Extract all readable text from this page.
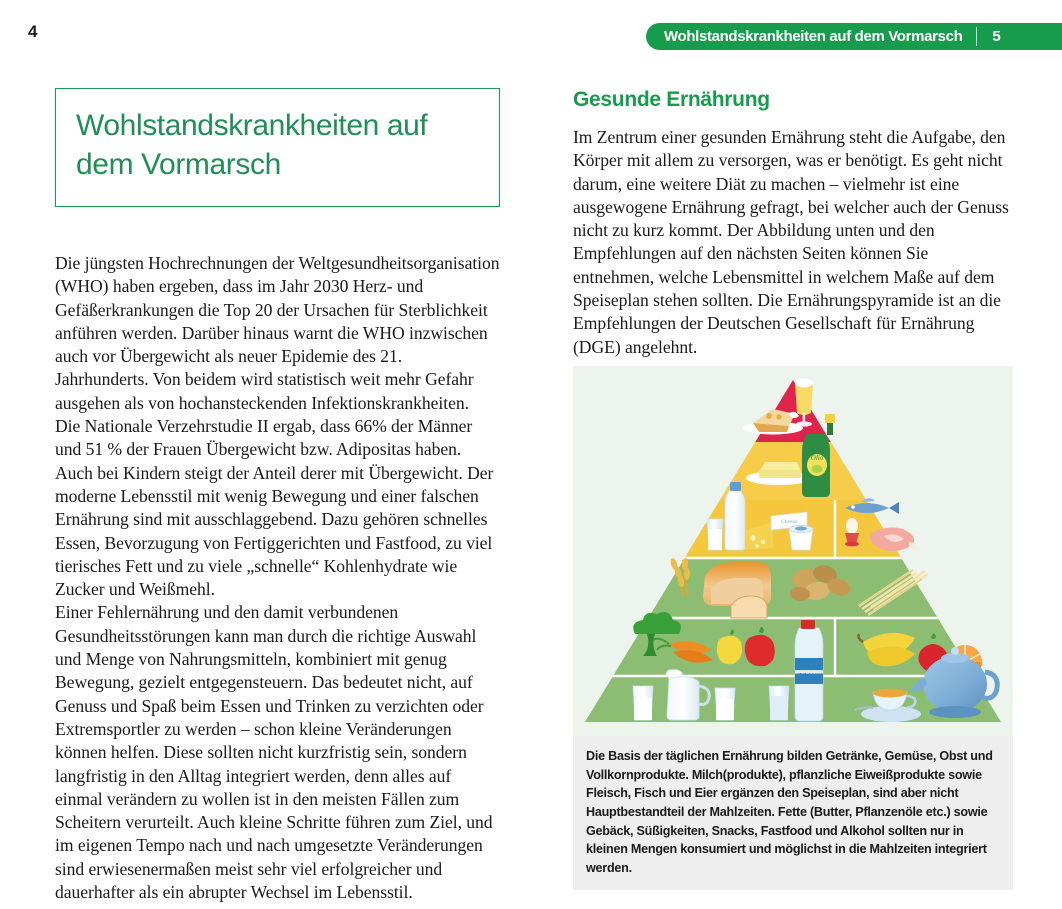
4	Wohlstandskrankheiten auf dem Vormarsch 5
Wohlstandskrankheiten auf dem Vormarsch

Die jüngsten Hochrechnungen der Weltgesundheitsorganisation (WHO) haben ergeben, dass im Jahr 2030 Herz- und Gefäßerkrankungen die Top 20 der Ursachen für Sterblichkeit anführen werden. Darüber hinaus warnt die WHO inzwischen auch vor Übergewicht als neuer Epidemie des 21. Jahrhunderts. Von beidem wird statistisch weit mehr Gefahr ausgehen als von hochansteckenden Infektionskrankheiten.
Die Nationale Verzehrstudie II ergab, dass 66% der Männer und 51 % der Frauen Übergewicht bzw. Adipositas haben. Auch bei Kindern steigt der Anteil derer mit Übergewicht. Der moderne Lebensstil mit wenig Bewegung und einer falschen Ernährung sind mit ausschlaggebend. Dazu gehören schnelles Essen, Bevorzugung von Fertiggerichten und Fastfood, zu viel tierisches Fett und zu viele „schnelle“ Kohlenhydrate wie Zucker und Weißmehl.
Einer Fehlernährung und den damit verbundenen Gesundheitsstörungen kann man durch die richtige Auswahl und Menge von Nahrungsmitteln, kombiniert mit genug Bewegung, gezielt entgegensteuern. Das bedeutet nicht, auf Genuss und Spaß beim Essen und Trinken zu verzichten oder Extremsportler zu werden – schon kleine Veränderungen können helfen. Diese sollten nicht kurzfristig sein, sondern langfristig in den Alltag integriert werden, denn alles auf einmal verändern zu wollen ist in den meisten Fällen zum Scheitern verurteilt. Auch kleine Schritte führen zum Ziel, und im eigenen Tempo nach und nach umgesetzte Veränderungen sind erwiesenermaßen meist sehr viel erfolgreicher und dauerhafter als ein abrupter Wechsel im Lebensstil.

Gesunde Ernährung

Im Zentrum einer gesunden Ernährung steht die Aufgabe, den Körper mit allem zu versorgen, was er benötigt. Es geht nicht darum, eine weitere Diät zu machen – vielmehr ist eine ausgewogene Ernährung gefragt, bei welcher auch der Genuss nicht zu kurz kommt. Der Abbildung unten und den Empfehlungen auf den nächsten Seiten können Sie entnehmen, welche Lebensmittel in welchem Maße auf dem Speiseplan stehen sollten. Die Ernährungspyramide ist an die Empfehlungen der Deutschen Gesellschaft für Ernährung (DGE) angelehnt.

Olio
Cheese
Mineralwasser
Die Basis der täglichen Ernährung bilden Getränke, Gemüse, Obst und Vollkornprodukte. Milch(produkte), pflanzliche Eiweißprodukte sowie Fleisch, Fisch und Eier ergänzen den Speiseplan, sind aber nicht Hauptbestandteil der Mahlzeiten. Fette (Butter, Pflanzenöle etc.) sowie Gebäck, Süßigkeiten, Snacks, Fastfood und Alkohol sollten nur in kleinen Mengen konsumiert und möglichst in die Mahlzeiten integriert werden.
